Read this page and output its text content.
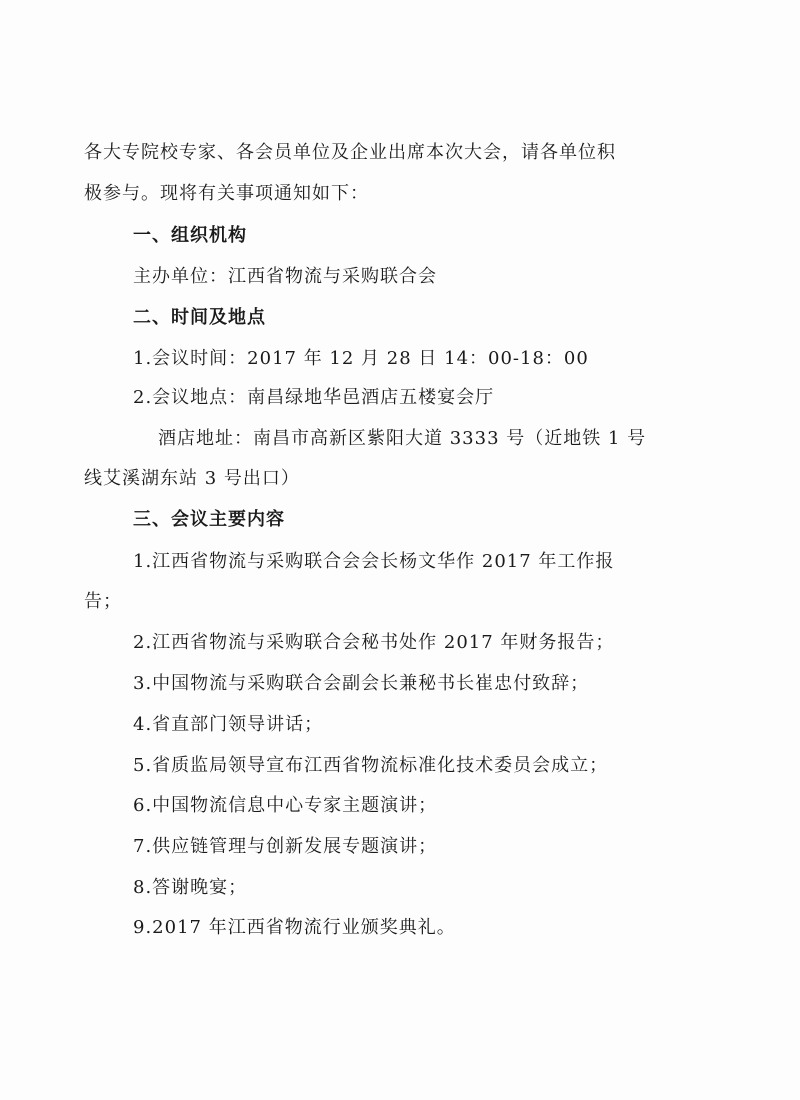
各大专院校专家、各会员单位及企业出席本次大会，请各单位积
极参与。现将有关事项通知如下：
一、组织机构
主办单位：江西省物流与采购联合会
二、时间及地点
1.会议时间：2017 年 12 月 28 日 14：00-18：00
2.会议地点：南昌绿地华邑酒店五楼宴会厅
酒店地址：南昌市高新区紫阳大道 3333 号（近地铁 1 号
线艾溪湖东站 3 号出口）
三、会议主要内容
1.江西省物流与采购联合会会长杨文华作 2017 年工作报
告；
2.江西省物流与采购联合会秘书处作 2017 年财务报告；
3.中国物流与采购联合会副会长兼秘书长崔忠付致辞；
4.省直部门领导讲话；
5.省质监局领导宣布江西省物流标准化技术委员会成立；
6.中国物流信息中心专家主题演讲；
7.供应链管理与创新发展专题演讲；
8.答谢晚宴；
9.2017 年江西省物流行业颁奖典礼。
